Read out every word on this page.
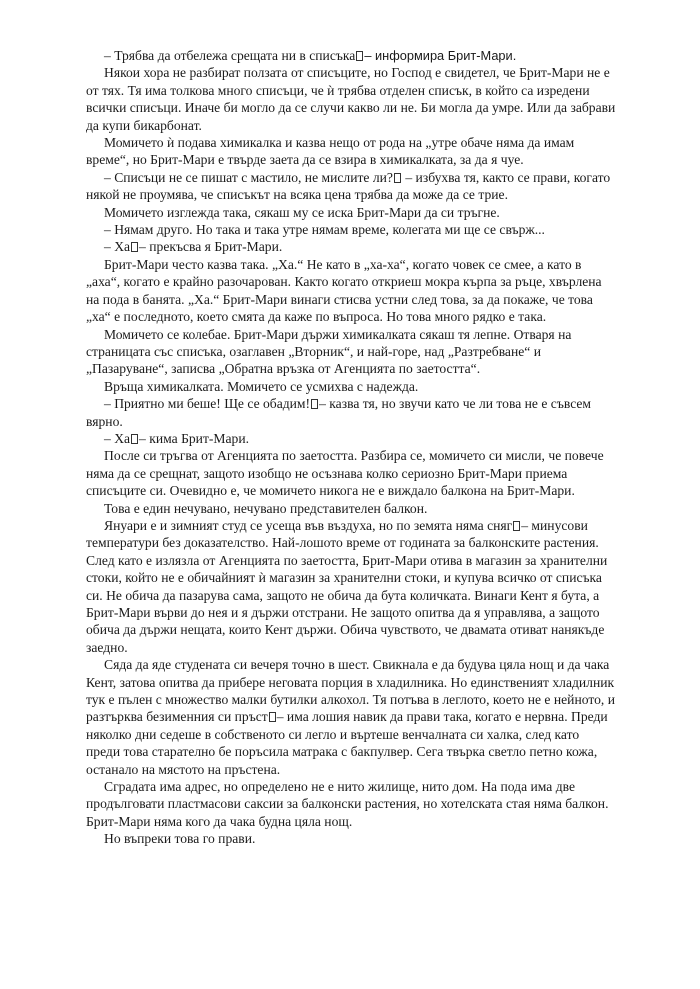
– Трябва да отбележа срещата ни в списъка – информира Брит-Мари.

Някои хора не разбират ползата от списъците, но Господ е свидетел, че Брит-Мари не е от тях. Тя има толкова много списъци, че ѝ трябва отделен списък, в който са изредени всички списъци. Иначе би могло да се случи какво ли не. Би могла да умре. Или да забрави да купи бикарбонат.

Момичето ѝ подава химикалка и казва нещо от рода на „утре обаче няма да имам време“, но Брит-Мари е твърде заета да се взира в химикалката, за да я чуе.

– Списъци не се пишат с мастило, не мислите ли? – избухва тя, както се прави, когато някой не проумява, че списъкът на всяка цена трябва да може да се трие.

Момичето изглежда така, сякаш му се иска Брит-Мари да си тръгне.

– Нямам друго. Но така и така утре нямам време, колегата ми ще се свърж...

– Ха – прекъсва я Брит-Мари.

Брит-Мари често казва така. „Ха.“ Не като в „ха-ха“, когато човек се смее, а като в „аха“, когато е крайно разочарован. Както когато откриеш мокра кърпа за ръце, хвърлена на пода в банята. „Ха.“ Брит-Мари винаги стисва устни след това, за да покаже, че това „ха“ е последното, което смята да каже по въпроса. Но това много рядко е така.

Момичето се колебае. Брит-Мари държи химикалката сякаш тя лепне. Отваря на страницата със списъка, озаглавен „Вторник“, и най-горе, над „Разтребване“ и „Пазаруване“, записва „Обратна връзка от Агенцията по заетостта“.

Връща химикалката. Момичето се усмихва с надежда.

– Приятно ми беше! Ще се обадим! – казва тя, но звучи като че ли това не е съвсем вярно.

– Ха – кима Брит-Мари.

После си тръгва от Агенцията по заетостта. Разбира се, момичето си мисли, че повече няма да се срещнат, защото изобщо не осъзнава колко сериозно Брит-Мари приема списъците си. Очевидно е, че момичето никога не е виждало балкона на Брит-Мари.

Това е един нечувано, нечувано представителен балкон.

Януари е и зимният студ се усеща във въздуха, но по земята няма сняг – минусови температури без доказателство. Най-лошото време от годината за балконските растения. След като е излязла от Агенцията по заетостта, Брит-Мари отива в магазин за хранителни стоки, който не е обичайният ѝ магазин за хранителни стоки, и купува всичко от списъка си. Не обича да пазарува сама, защото не обича да бута количката. Винаги Кент я бута, а Брит-Мари върви до нея и я държи отстрани. Не защото опитва да я управлява, а защото обича да държи нещата, които Кент държи. Обича чувството, че двамата отиват нанякъде заедно.

Сяда да яде студената си вечеря точно в шест. Свикнала е да будува цяла нощ и да чака Кент, затова опитва да прибере неговата порция в хладилника. Но единственият хладилник тук е пълен с множество малки бутилки алкохол. Тя потъва в леглото, което не е нейното, и разтърква безименния си пръст – има лошия навик да прави така, когато е нервна. Преди няколко дни седеше в собственото си легло и въртеше венчалната си халка, след като преди това старателно бе поръсила матрака с бакпулвер. Сега твърка светло петно кожа, останало на мястото на пръстена.

Сградата има адрес, но определено не е нито жилище, нито дом. На пода има две продълговати пластмасови саксии за балконски растения, но хотелската стая няма балкон. Брит-Мари няма кого да чака будна цяла нощ.

Но въпреки това го прави.
